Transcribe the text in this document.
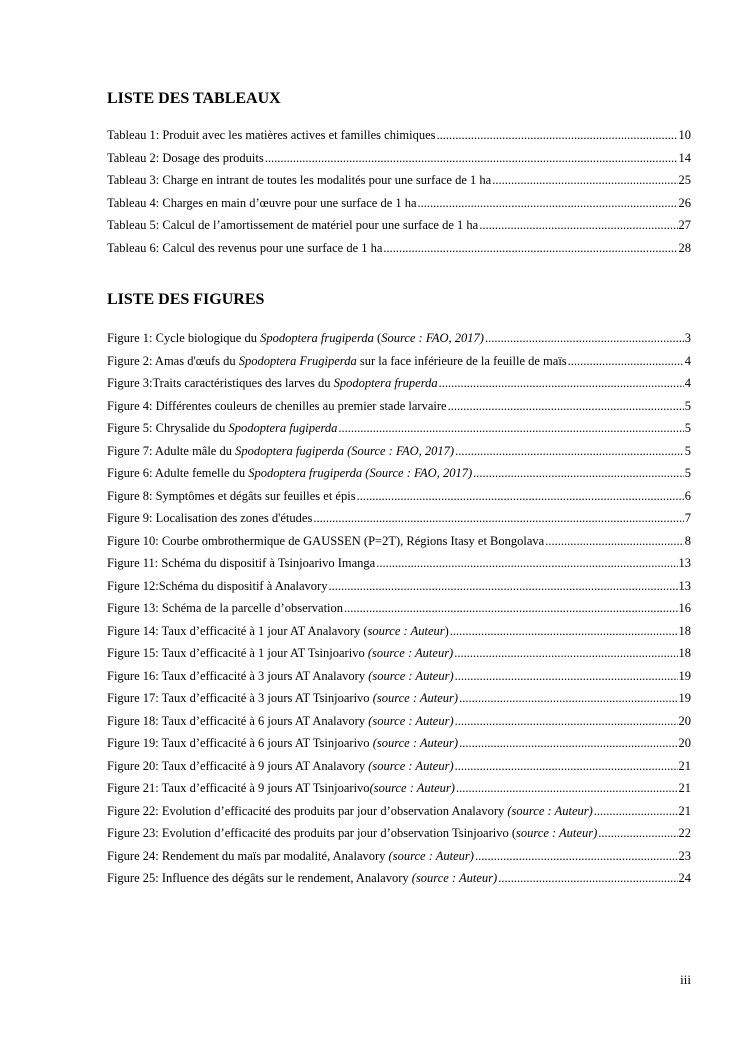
LISTE DES TABLEAUX
Tableau 1: Produit avec les matières actives et familles chimiques .....	10
Tableau 2: Dosage des produits .....	14
Tableau 3: Charge en intrant de toutes les modalités pour une surface de 1 ha .....	25
Tableau 4: Charges en main d’œuvre pour une surface de 1 ha .....	26
Tableau 5: Calcul de l’amortissement de matériel pour une surface de 1 ha .....	27
Tableau 6: Calcul des revenus pour une surface de 1 ha .....	28
LISTE DES FIGURES
Figure 1: Cycle biologique du Spodoptera frugiperda (Source : FAO, 2017) .....	3
Figure 2: Amas d'œufs du Spodoptera Frugiperda sur la face inférieure de la feuille de maïs .....	4
Figure 3:Traits caractéristiques des larves du Spodoptera fruperda .....	4
Figure 4: Différentes couleurs de chenilles au premier stade larvaire .....	5
Figure 5: Chrysalide du Spodoptera fugiperda .....	5
Figure 7: Adulte mâle du Spodoptera fugiperda (Source : FAO, 2017) .....	5
Figure 6: Adulte femelle du Spodoptera frugiperda (Source : FAO, 2017) .....	5
Figure 8: Symptômes et dégâts sur feuilles et épis .....	6
Figure 9: Localisation des zones d'études .....	7
Figure 10: Courbe ombrothermique de GAUSSEN (P=2T), Régions Itasy et Bongolava .....	8
Figure 11: Schéma du dispositif à Tsinjoarivo Imanga .....	13
Figure 12:Schéma du dispositif à Analavory .....	13
Figure 13: Schéma de la parcelle d’observation .....	16
Figure 14: Taux d’efficacité à 1 jour AT Analavory (source : Auteur) .....	18
Figure 15: Taux d’efficacité à 1 jour AT Tsinjoarivo (source : Auteur) .....	18
Figure 16: Taux d’efficacité à 3 jours AT Analavory (source : Auteur) .....	19
Figure 17: Taux d’efficacité à 3 jours AT Tsinjoarivo (source : Auteur) .....	19
Figure 18: Taux d’efficacité à 6 jours AT Analavory (source : Auteur) .....	20
Figure 19: Taux d’efficacité à 6 jours AT Tsinjoarivo (source : Auteur) .....	20
Figure 20: Taux d’efficacité à 9 jours AT Analavory (source : Auteur) .....	21
Figure 21: Taux d’efficacité à 9 jours AT Tsinjoarivo(source : Auteur) .....	21
Figure 22: Evolution d’efficacité des produits par jour d’observation Analavory (source : Auteur) .....	21
Figure 23: Evolution d’efficacité des produits par jour d’observation Tsinjoarivo (source : Auteur) .....	22
Figure 24: Rendement du maïs par modalité, Analavory (source : Auteur) .....	23
Figure 25: Influence des dégâts sur le rendement, Analavory (source : Auteur) .....	24
iii
